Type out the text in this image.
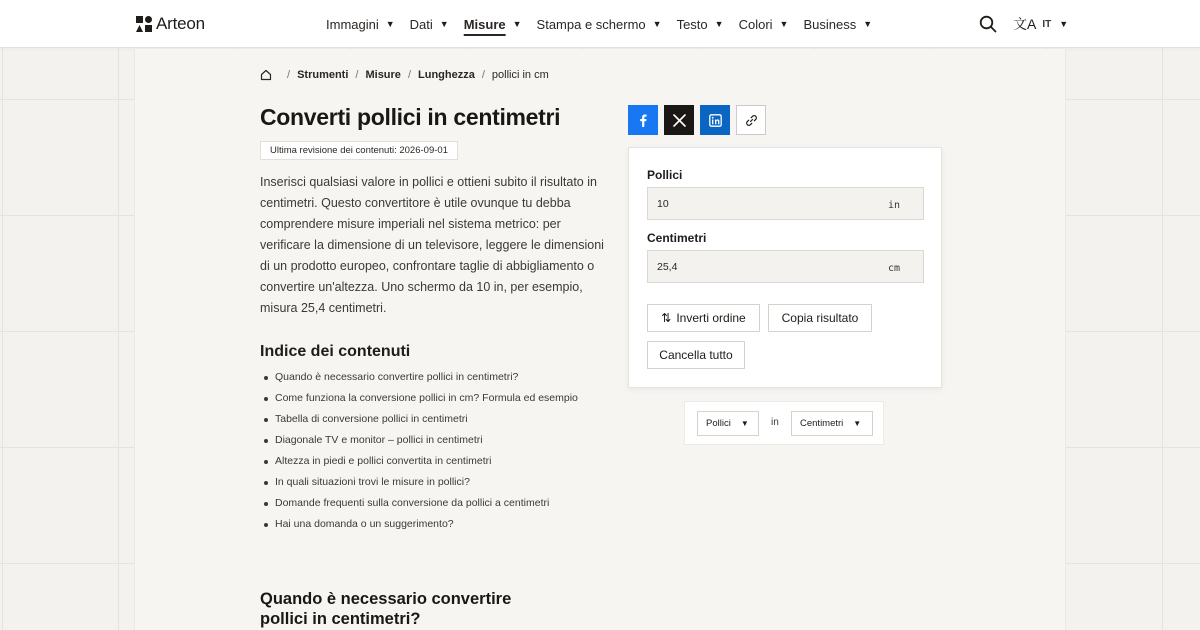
Arteon	Immagini ▼ Dati ▼ Misure ▼ Stampa e schermo ▼ Testo ▼ Colori ▼ Business ▼	文A IT ▼
/ Strumenti / Misure / Lunghezza / pollici in cm
Converti pollici in centimetri
Ultima revisione dei contenuti: 2026-09-01

Inserisci qualsiasi valore in pollici e ottieni subito il risultato in centimetri. Questo convertitore è utile ovunque tu debba comprendere misure imperiali nel sistema metrico: per verificare la dimensione di un televisore, leggere le dimensioni di un prodotto europeo, confrontare taglie di abbigliamento o convertire un'altezza. Uno schermo da 10 in, per esempio, misura 25,4 centimetri.

Indice dei contenuti
Quando è necessario convertire pollici in centimetri?
Come funziona la conversione pollici in cm? Formula ed esempio
Tabella di conversione pollici in centimetri
Diagonale TV e monitor – pollici in centimetri
Altezza in piedi e pollici convertita in centimetri
In quali situazioni trovi le misure in pollici?
Domande frequenti sulla conversione da pollici a centimetri
Hai una domanda o un suggerimento?
Quando è necessario convertire pollici in centimetri?
Pollici
10
in
Centimetri
25,4
cm
⇅ Inverti ordine	Copia risultato
Cancella tutto
Pollici ▼ in Centimetri ▼
